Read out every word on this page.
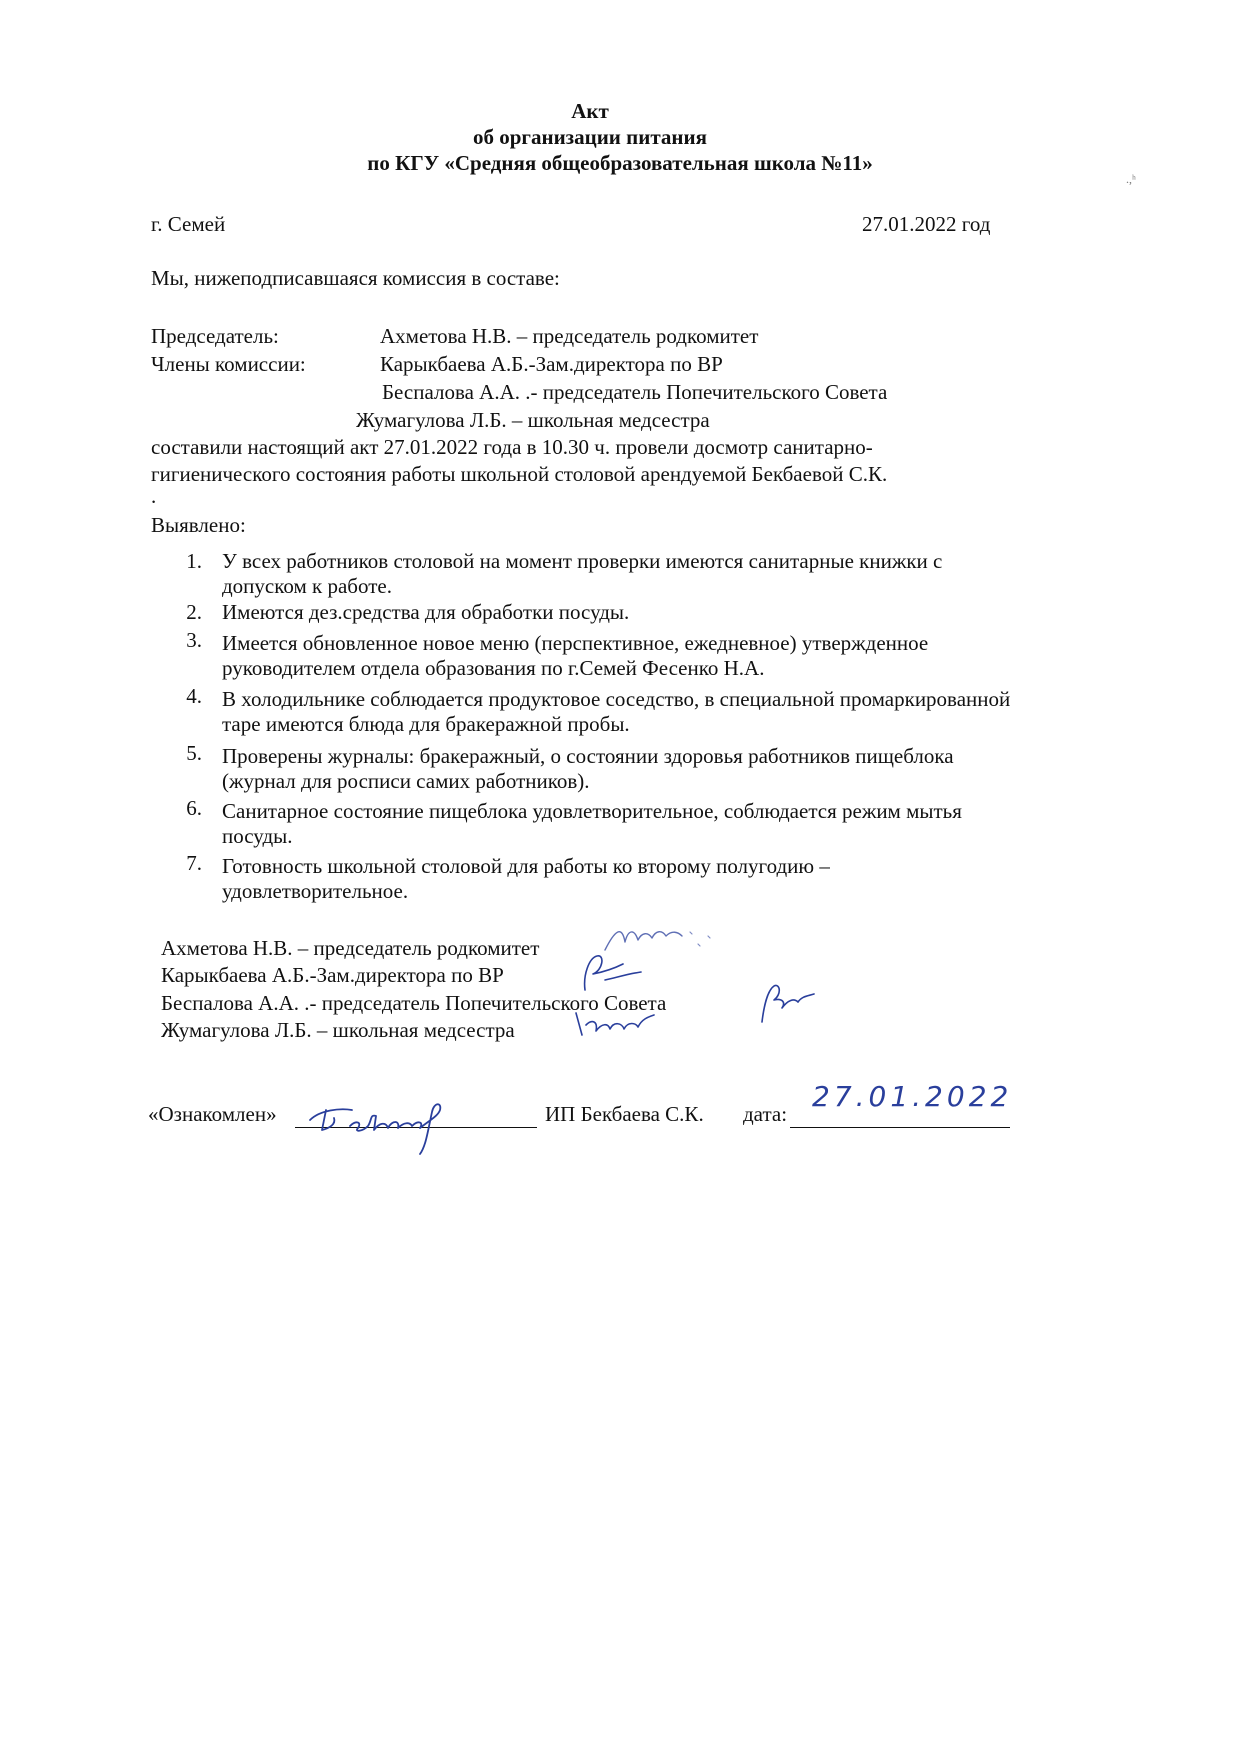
Акт
об организации питания
по КГУ «Средняя общеобразовательная школа №11»
.,ʰ
г. Семей	27.01.2022 год
Мы, нижеподписавшаяся комиссия в составе:
Председатель:	Ахметова Н.В. – председатель родкомитет
Члены комиссии:	Карыкбаева А.Б.-Зам.директора по ВР
Беспалова А.А. .- председатель Попечительского Совета
Жумагулова Л.Б. – школьная медсестра
составили настоящий акт 27.01.2022 года в 10.30 ч. провели досмотр санитарно-
гигиенического состояния работы школьной столовой арендуемой Бекбаевой С.К.
.
Выявлено:
1. У всех работников столовой на момент проверки имеются санитарные книжки с
допуском к работе.
2. Имеются дез.средства для обработки посуды.
3. Имеется обновленное новое меню (перспективное, ежедневное) утвержденное
руководителем отдела образования по г.Семей Фесенко Н.А.
4. В холодильнике соблюдается продуктовое соседство, в специальной промаркированной
таре имеются блюда для бракеражной пробы.
5. Проверены журналы: бракеражный, о состоянии здоровья работников пищеблока
(журнал для росписи самих работников).
6. Санитарное состояние пищеблока удовлетворительное, соблюдается режим мытья
посуды.
7. Готовность школьной столовой для работы ко второму полугодию –
удовлетворительное.
Ахметова Н.В. – председатель родкомитет
Карыкбаева А.Б.-Зам.директора по ВР
Беспалова А.А. .- председатель Попечительского Совета
Жумагулова Л.Б. – школьная медсестра
«Ознакомлен»	ИП Бекбаева С.К. дата:
27.01.2022
